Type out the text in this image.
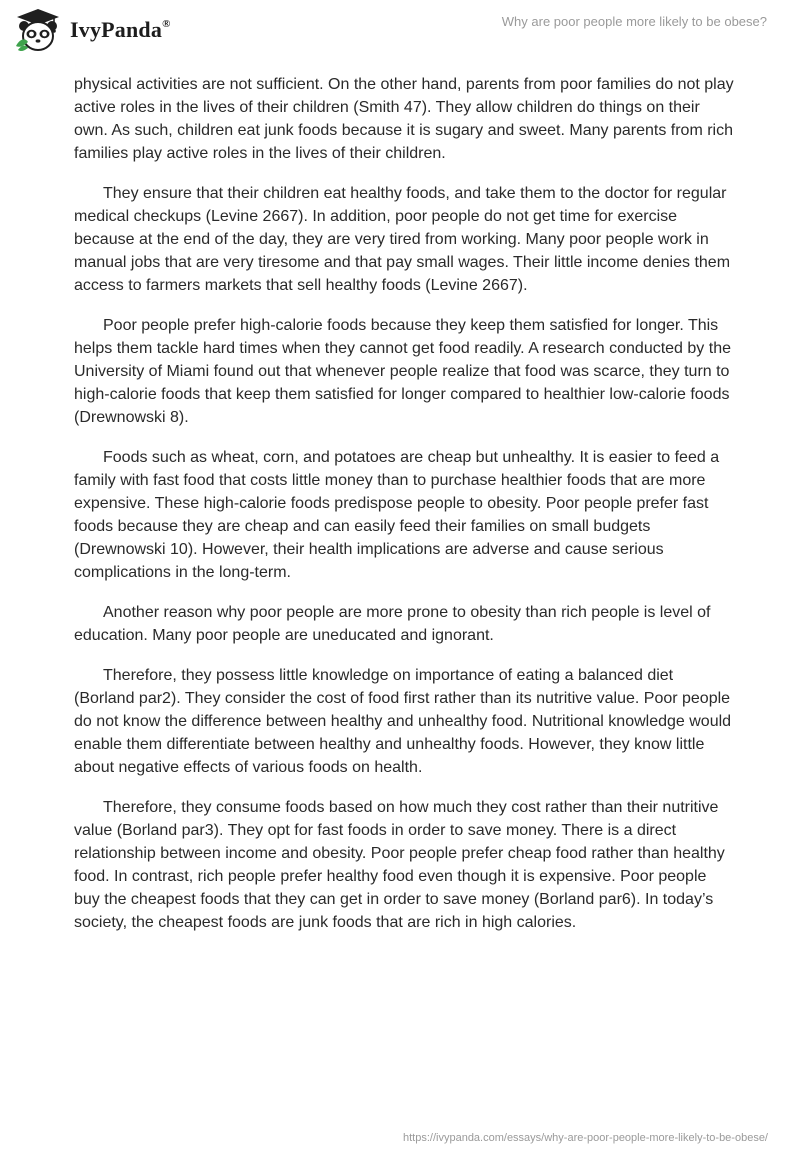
IvyPanda®	Why are poor people more likely to be obese?

physical activities are not sufficient. On the other hand, parents from poor families do not play active roles in the lives of their children (Smith 47). They allow children do things on their own. As such, children eat junk foods because it is sugary and sweet. Many parents from rich families play active roles in the lives of their children.

They ensure that their children eat healthy foods, and take them to the doctor for regular medical checkups (Levine 2667). In addition, poor people do not get time for exercise because at the end of the day, they are very tired from working. Many poor people work in manual jobs that are very tiresome and that pay small wages. Their little income denies them access to farmers markets that sell healthy foods (Levine 2667).

Poor people prefer high-calorie foods because they keep them satisfied for longer. This helps them tackle hard times when they cannot get food readily. A research conducted by the University of Miami found out that whenever people realize that food was scarce, they turn to high-calorie foods that keep them satisfied for longer compared to healthier low-calorie foods (Drewnowski 8).

Foods such as wheat, corn, and potatoes are cheap but unhealthy. It is easier to feed a family with fast food that costs little money than to purchase healthier foods that are more expensive. These high-calorie foods predispose people to obesity. Poor people prefer fast foods because they are cheap and can easily feed their families on small budgets (Drewnowski 10). However, their health implications are adverse and cause serious complications in the long-term.

Another reason why poor people are more prone to obesity than rich people is level of education. Many poor people are uneducated and ignorant.

Therefore, they possess little knowledge on importance of eating a balanced diet (Borland par2). They consider the cost of food first rather than its nutritive value. Poor people do not know the difference between healthy and unhealthy food. Nutritional knowledge would enable them differentiate between healthy and unhealthy foods. However, they know little about negative effects of various foods on health.

Therefore, they consume foods based on how much they cost rather than their nutritive value (Borland par3). They opt for fast foods in order to save money. There is a direct relationship between income and obesity. Poor people prefer cheap food rather than healthy food. In contrast, rich people prefer healthy food even though it is expensive. Poor people buy the cheapest foods that they can get in order to save money (Borland par6). In today’s society, the cheapest foods are junk foods that are rich in high calories.

https://ivypanda.com/essays/why-are-poor-people-more-likely-to-be-obese/
